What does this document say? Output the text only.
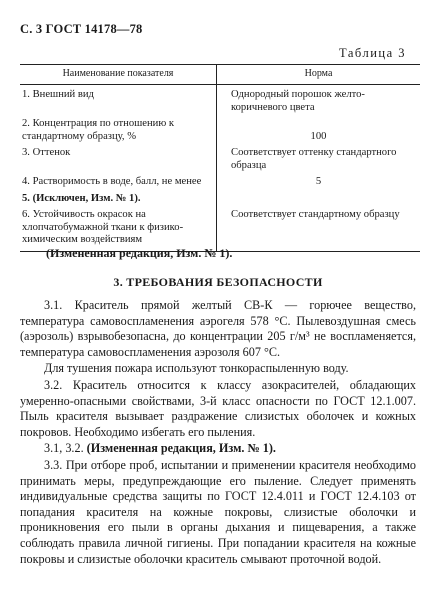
С. 3 ГОСТ 14178—78
Таблица 3
Наименование показателя	Норма
1. Внешний вид	Однородный порошок желто-коричневого цвета
2. Концентрация по отношению к стандартному образцу, %	100
3. Оттенок	Соответствует оттенку стандартного образца
4. Растворимость в воде, балл, не менее	5
5. (Исключен, Изм. № 1).	
6. Устойчивость окрасок на хлопчатобумажной ткани к физико-химическим воздействиям	Соответствует стандартному образцу
(Измененная редакция, Изм. № 1).
3. ТРЕБОВАНИЯ БЕЗОПАСНОСТИ

3.1. Краситель прямой желтый СВ-К — горючее вещество, температура самовоспламенения аэрогеля 578 °С. Пылевоздушная смесь (аэрозоль) взрывобезопасна, до концентрации 205 г/м³ не воспламеняется, температура самовоспламенения аэрозоля 607 °С.

Для тушения пожара используют тонкораспыленную воду.

3.2. Краситель относится к классу азокрасителей, обладающих умеренно-опасными свойствами, 3-й класс опасности по ГОСТ 12.1.007. Пыль красителя вызывает раздражение слизистых оболочек и кожных покровов. Необходимо избегать его пыления.

3.1, 3.2. (Измененная редакция, Изм. № 1).

3.3. При отборе проб, испытании и применении красителя необходимо принимать меры, предупреждающие его пыление. Следует применять индивидуальные средства защиты по ГОСТ 12.4.011 и ГОСТ 12.4.103 от попадания красителя на кожные покровы, слизистые оболочки и проникновения его пыли в органы дыхания и пищеварения, а также соблюдать правила личной гигиены. При попадании красителя на кожные покровы и слизистые оболочки краситель смывают проточной водой.
